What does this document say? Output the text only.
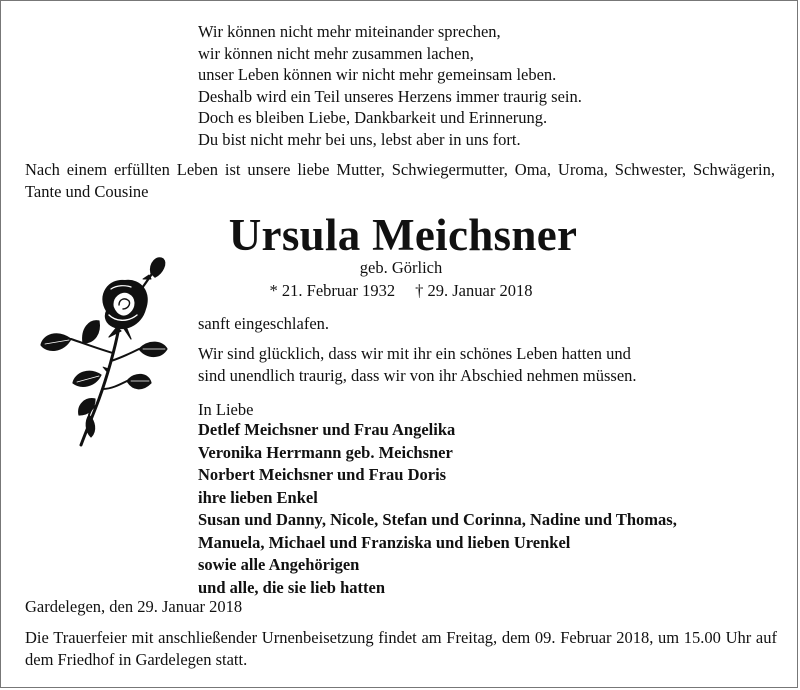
Wir können nicht mehr miteinander sprechen,
wir können nicht mehr zusammen lachen,
unser Leben können wir nicht mehr gemeinsam leben.
Deshalb wird ein Teil unseres Herzens immer traurig sein.
Doch es bleiben Liebe, Dankbarkeit und Erinnerung.
Du bist nicht mehr bei uns, lebst aber in uns fort.

Nach einem erfüllten Leben ist unsere liebe Mutter, Schwiegermutter, Oma, Uroma, Schwester, Schwägerin, Tante und Cousine

Ursula Meichsner
geb. Görlich
* 21. Februar 1932 † 29. Januar 2018
sanft eingeschlafen.
Wir sind glücklich, dass wir mit ihr ein schönes Leben hatten und
sind unendlich traurig, dass wir von ihr Abschied nehmen müssen.
In Liebe
Detlef Meichsner und Frau Angelika
Veronika Herrmann geb. Meichsner
Norbert Meichsner und Frau Doris
ihre lieben Enkel
Susan und Danny, Nicole, Stefan und Corinna, Nadine und Thomas,
Manuela, Michael und Franziska und lieben Urenkel
sowie alle Angehörigen
und alle, die sie lieb hatten
Gardelegen, den 29. Januar 2018

Die Trauerfeier mit anschließender Urnenbeisetzung findet am Freitag, dem 09. Februar 2018, um 15.00 Uhr auf dem Friedhof in Gardelegen statt.
